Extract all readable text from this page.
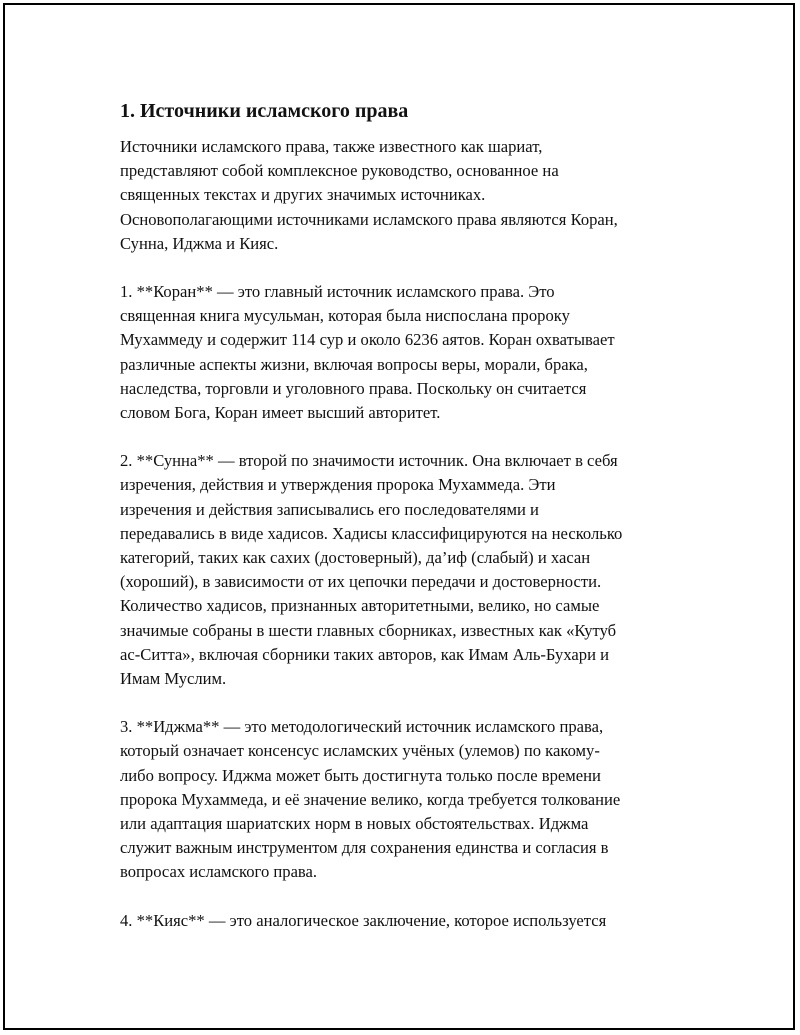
1. Источники исламского права
Источники исламского права, также известного как шариат,
представляют собой комплексное руководство, основанное на
священных текстах и других значимых источниках.
Основополагающими источниками исламского права являются Коран,
Сунна, Иджма и Кияс.
1. **Коран** — это главный источник исламского права. Это
священная книга мусульман, которая была ниспослана пророку
Мухаммеду и содержит 114 сур и около 6236 аятов. Коран охватывает
различные аспекты жизни, включая вопросы веры, морали, брака,
наследства, торговли и уголовного права. Поскольку он считается
словом Бога, Коран имеет высший авторитет.
2. **Сунна** — второй по значимости источник. Она включает в себя
изречения, действия и утверждения пророка Мухаммеда. Эти
изречения и действия записывались его последователями и
передавались в виде хадисов. Хадисы классифицируются на несколько
категорий, таких как сахих (достоверный), да’иф (слабый) и хасан
(хороший), в зависимости от их цепочки передачи и достоверности.
Количество хадисов, признанных авторитетными, велико, но самые
значимые собраны в шести главных сборниках, известных как «Кутуб
ас-Ситта», включая сборники таких авторов, как Имам Аль-Бухари и
Имам Муслим.
3. **Иджма** — это методологический источник исламского права,
который означает консенсус исламских учёных (улемов) по какому-
либо вопросу. Иджма может быть достигнута только после времени
пророка Мухаммеда, и её значение велико, когда требуется толкование
или адаптация шариатских норм в новых обстоятельствах. Иджма
служит важным инструментом для сохранения единства и согласия в
вопросах исламского права.
4. **Кияс** — это аналогическое заключение, которое используется
